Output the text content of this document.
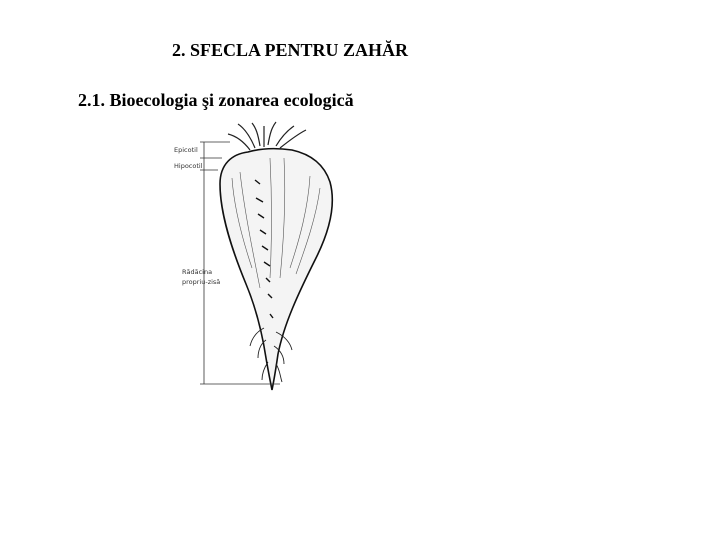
2. SFECLA PENTRU ZAHĂR
2.1. Bioecologia şi zonarea ecologică
Epicotil
Hipocotil
Rădăcina
propriu-zisă
